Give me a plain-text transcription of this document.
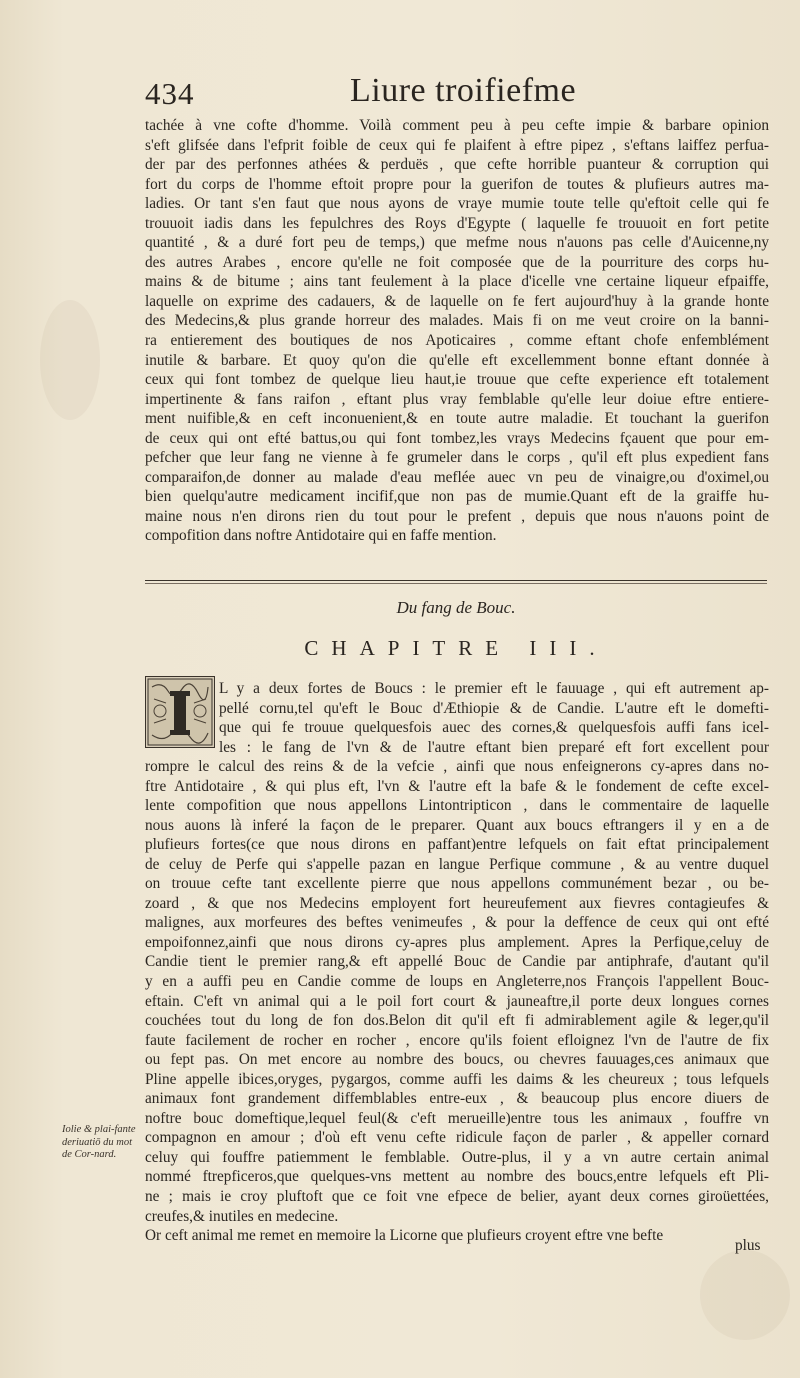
434	Liure troifiefme
tachée à vne cofte d'homme. Voilà comment peu à peu cefte impie & barbare opinion
s'eft glifsée dans l'efprit foible de ceux qui fe plaifent à eftre pipez , s'eftans laiffez perfua-
der par des perfonnes athées & perduës , que cefte horrible puanteur & corruption qui
fort du corps de l'homme eftoit propre pour la guerifon de toutes & plufieurs autres ma-
ladies. Or tant s'en faut que nous ayons de vraye mumie toute telle qu'eftoit celle qui fe
trouuoit iadis dans les fepulchres des Roys d'Egypte ( laquelle fe trouuoit en fort petite
quantité , & a duré fort peu de temps,) que mefme nous n'auons pas celle d'Auicenne,ny
des autres Arabes , encore qu'elle ne foit composée que de la pourriture des corps hu-
mains & de bitume ; ains tant feulement à la place d'icelle vne certaine liqueur efpaiffe,
laquelle on exprime des cadauers, & de laquelle on fe fert aujourd'huy à la grande honte
des Medecins,& plus grande horreur des malades. Mais fi on me veut croire on la banni-
ra entierement des boutiques de nos Apoticaires , comme eftant chofe enfemblément
inutile & barbare. Et quoy qu'on die qu'elle eft excellemment bonne eftant donnée à
ceux qui font tombez de quelque lieu haut,ie trouue que cefte experience eft totalement
impertinente & fans raifon , eftant plus vray femblable qu'elle leur doiue eftre entiere-
ment nuifible,& en ceft inconuenient,& en toute autre maladie. Et touchant la guerifon
de ceux qui ont efté battus,ou qui font tombez,les vrays Medecins fçauent que pour em-
pefcher que leur fang ne vienne à fe grumeler dans le corps , qu'il eft plus expedient fans
comparaifon,de donner au malade d'eau meflée auec vn peu de vinaigre,ou d'oximel,ou
bien quelqu'autre medicament incifif,que non pas de mumie.Quant eft de la graiffe hu-
maine nous n'en dirons rien du tout pour le prefent , depuis que nous n'auons point de
compofition dans noftre Antidotaire qui en faffe mention.
Du fang de Bouc.
CHAPITRE III.
L y a deux fortes de Boucs : le premier eft le fauuage , qui eft autrement ap-
pellé cornu,tel qu'eft le Bouc d'Æthiopie & de Candie. L'autre eft le domefti-
que qui fe trouue quelquesfois auec des cornes,& quelquesfois auffi fans icel-
les : le fang de l'vn & de l'autre eftant bien preparé eft fort excellent pour
rompre le calcul des reins & de la vefcie , ainfi que nous enfeignerons cy-apres dans no-
ftre Antidotaire , & qui plus eft, l'vn & l'autre eft la bafe & le fondement de cefte excel-
lente compofition que nous appellons Lintontripticon , dans le commentaire de laquelle
nous auons là inferé la façon de le preparer. Quant aux boucs eftrangers il y en a de
plufieurs fortes(ce que nous dirons en paffant)entre lefquels on fait eftat principalement
de celuy de Perfe qui s'appelle pazan en langue Perfique commune , & au ventre duquel
on trouue cefte tant excellente pierre que nous appellons communément bezar , ou be-
zoard , & que nos Medecins employent fort heureufement aux fievres contagieufes &
malignes, aux morfeures des beftes venimeufes , & pour la deffence de ceux qui ont efté
empoifonnez,ainfi que nous dirons cy-apres plus amplement. Apres la Perfique,celuy de
Candie tient le premier rang,& eft appellé Bouc de Candie par antiphrafe, d'autant qu'il
y en a auffi peu en Candie comme de loups en Angleterre,nos François l'appellent Bouc-
eftain. C'eft vn animal qui a le poil fort court & jauneaftre,il porte deux longues cornes
couchées tout du long de fon dos.Belon dit qu'il eft fi admirablement agile & leger,qu'il
faute facilement de rocher en rocher , encore qu'ils foient efloignez l'vn de l'autre de fix
ou fept pas. On met encore au nombre des boucs, ou chevres fauuages,ces animaux que
Pline appelle ibices,oryges, pygargos, comme auffi les daims & les cheureux ; tous lefquels
animaux font grandement diffemblables entre-eux , & beaucoup plus encore diuers de
noftre bouc domeftique,lequel feul(& c'eft merueille)entre tous les animaux , fouffre vn
compagnon en amour ; d'où eft venu cefte ridicule façon de parler , & appeller cornard
celuy qui fouffre patiemment le femblable. Outre-plus, il y a vn autre certain animal
nommé ftrepficeros,que quelques-vns mettent au nombre des boucs,entre lefquels eft Pli-
ne ; mais ie croy pluftoft que ce foit vne efpece de belier, ayant deux cornes giroüettées,
creufes,& inutiles en medecine.
Or ceft animal me remet en memoire la Licorne que plufieurs croyent eftre vne befte
Iolie & plai-fante deriuatiō du mot de Cor-nard.
plus
